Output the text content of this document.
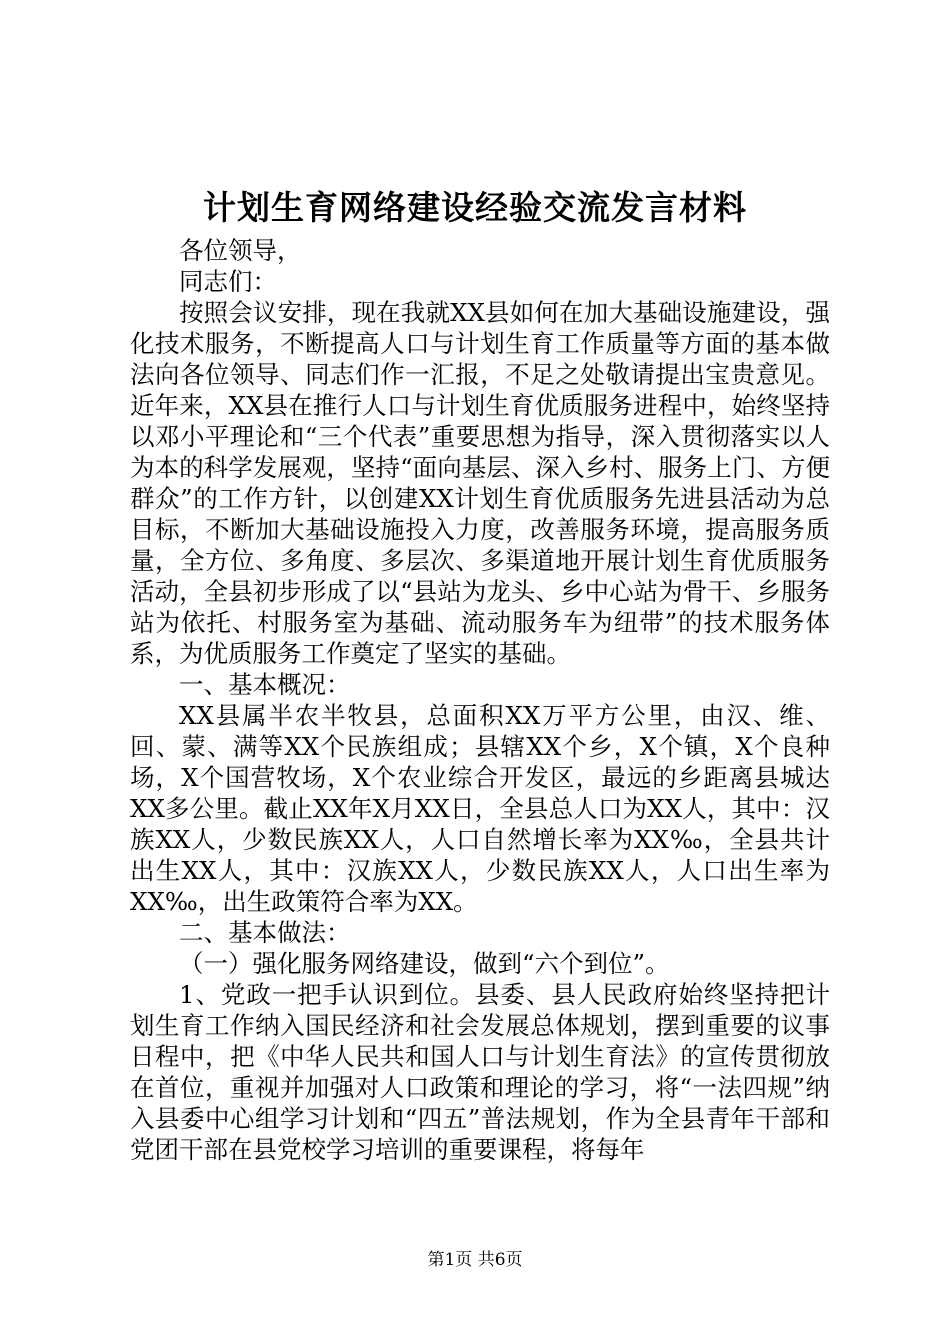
计划生育网络建设经验交流发言材料

各位领导，

同志们：

按照会议安排，现在我就XX县如何在加大基础设施建设，强化技术服务，不断提高人口与计划生育工作质量等方面的基本做法向各位领导、同志们作一汇报，不足之处敬请提出宝贵意见。近年来，XX县在推行人口与计划生育优质服务进程中，始终坚持以邓小平理论和“三个代表”重要思想为指导，深入贯彻落实以人为本的科学发展观，坚持“面向基层、深入乡村、服务上门、方便群众”的工作方针，以创建XX计划生育优质服务先进县活动为总目标，不断加大基础设施投入力度，改善服务环境，提高服务质量，全方位、多角度、多层次、多渠道地开展计划生育优质服务活动，全县初步形成了以“县站为龙头、乡中心站为骨干、乡服务站为依托、村服务室为基础、流动服务车为纽带”的技术服务体系，为优质服务工作奠定了坚实的基础。

一、基本概况：

XX县属半农半牧县，总面积XX万平方公里，由汉、维、回、蒙、满等XX个民族组成；县辖XX个乡，X个镇，X个良种场，X个国营牧场，X个农业综合开发区，最远的乡距离县城达XX多公里。截止XX年X月XX日，全县总人口为XX人，其中：汉族XX人，少数民族XX人，人口自然增长率为XX‰，全县共计出生XX人，其中：汉族XX人，少数民族XX人，人口出生率为XX‰，出生政策符合率为XX。

二、基本做法：

（一）强化服务网络建设，做到“六个到位”。

1、党政一把手认识到位。县委、县人民政府始终坚持把计划生育工作纳入国民经济和社会发展总体规划，摆到重要的议事日程中，把《中华人民共和国人口与计划生育法》的宣传贯彻放在首位，重视并加强对人口政策和理论的学习，将“一法四规”纳入县委中心组学习计划和“四五”普法规划，作为全县青年干部和党团干部在县党校学习培训的重要课程，将每年

第1页 共6页
